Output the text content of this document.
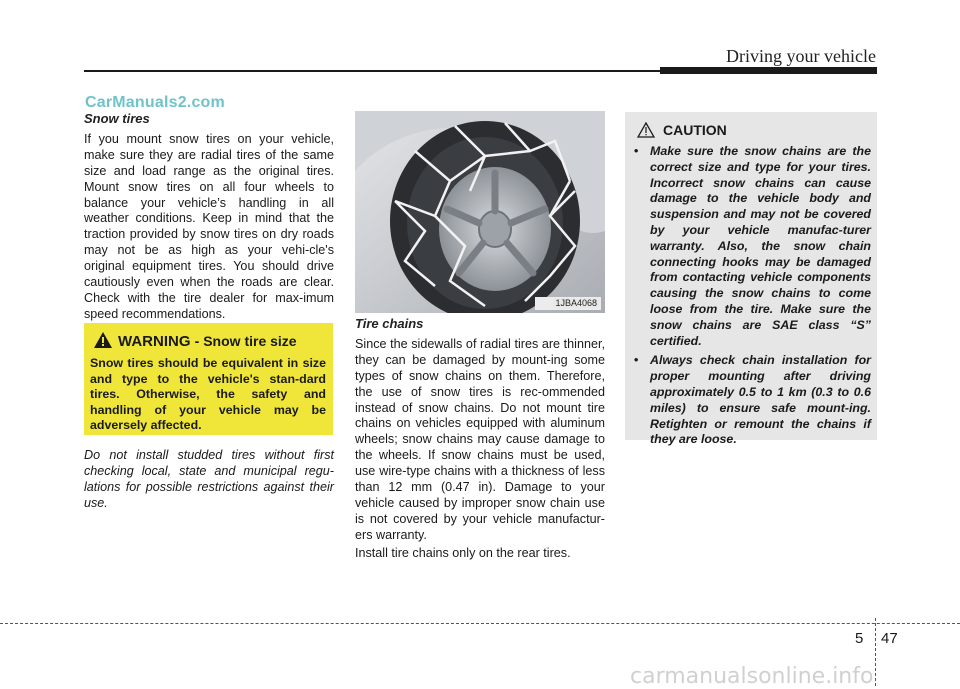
Driving your vehicle
CarManuals2.com
Snow tires

If you mount snow tires on your vehicle, make sure they are radial tires of the same size and load range as the original tires. Mount snow tires on all four wheels to balance your vehicle’s handling in all weather conditions. Keep in mind that the traction provided by snow tires on dry roads may not be as high as your vehi-cle's original equipment tires. You should drive cautiously even when the roads are clear. Check with the tire dealer for max-imum speed recommendations.

WARNING - Snow tire size
Snow tires should be equivalent in size and type to the vehicle's stan-dard tires. Otherwise, the safety and handling of your vehicle may be adversely affected.
Do not install studded tires without first checking local, state and municipal regu-lations for possible restrictions against their use.
1JBA4068
Tire chains

Since the sidewalls of radial tires are thinner, they can be damaged by mount-ing some types of snow chains on them. Therefore, the use of snow tires is rec-ommended instead of snow chains. Do not mount tire chains on vehicles equipped with aluminum wheels; snow chains may cause damage to the wheels. If snow chains must be used, use wire-type chains with a thickness of less than 12 mm (0.47 in). Damage to your vehicle caused by improper snow chain use is not covered by your vehicle manufactur-ers warranty.

Install tire chains only on the rear tires.

CAUTION
• Make sure the snow chains are the correct size and type for your tires. Incorrect snow chains can cause damage to the vehicle body and suspension and may not be covered by your vehicle manufac-turer warranty. Also, the snow chain connecting hooks may be damaged from contacting vehicle components causing the snow chains to come loose from the tire. Make sure the snow chains are SAE class “S” certified.
• Always check chain installation for proper mounting after driving approximately 0.5 to 1 km (0.3 to 0.6 miles) to ensure safe mount-ing. Retighten or remount the chains if they are loose.
5 47
carmanualsonline.info
